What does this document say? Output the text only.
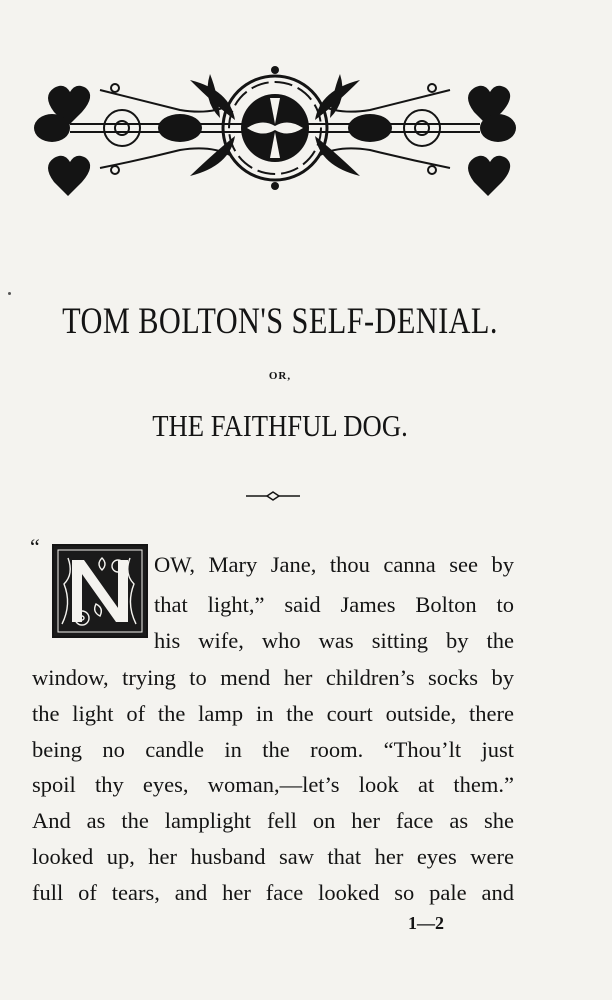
TOM BOLTON'S SELF-DENIAL.
OR,
THE FAITHFUL DOG.
“
OW, Mary Jane, thou canna see by
that light,” said James Bolton to
his wife, who was sitting by the
window, trying to mend her children’s socks by
the light of the lamp in the court outside, there
being no candle in the room. “Thou’lt just
spoil thy eyes, woman,—let’s look at them.”
And as the lamplight fell on her face as she
looked up, her husband saw that her eyes were
full of tears, and her face looked so pale and
1—2
